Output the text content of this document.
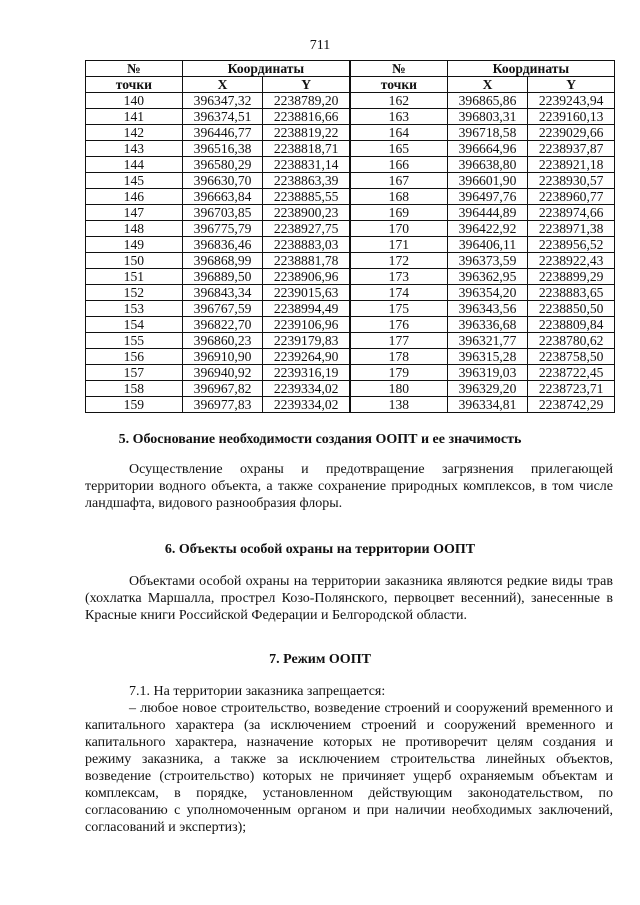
711
№	Координаты		№	Координаты	
точки	X	Y	точки	X	Y
140	396347,32	2238789,20	162	396865,86	2239243,94
141	396374,51	2238816,66	163	396803,31	2239160,13
142	396446,77	2238819,22	164	396718,58	2239029,66
143	396516,38	2238818,71	165	396664,96	2238937,87
144	396580,29	2238831,14	166	396638,80	2238921,18
145	396630,70	2238863,39	167	396601,90	2238930,57
146	396663,84	2238885,55	168	396497,76	2238960,77
147	396703,85	2238900,23	169	396444,89	2238974,66
148	396775,79	2238927,75	170	396422,92	2238971,38
149	396836,46	2238883,03	171	396406,11	2238956,52
150	396868,99	2238881,78	172	396373,59	2238922,43
151	396889,50	2238906,96	173	396362,95	2238899,29
152	396843,34	2239015,63	174	396354,20	2238883,65
153	396767,59	2238994,49	175	396343,56	2238850,50
154	396822,70	2239106,96	176	396336,68	2238809,84
155	396860,23	2239179,83	177	396321,77	2238780,62
156	396910,90	2239264,90	178	396315,28	2238758,50
157	396940,92	2239316,19	179	396319,03	2238722,45
158	396967,82	2239334,02	180	396329,20	2238723,71
159	396977,83	2239334,02	138	396334,81	2238742,29
5. Обоснование необходимости создания ООПТ и ее значимость
Осуществление охраны и предотвращение загрязнения прилегающей территории водного объекта, а также сохранение природных комплексов, в том числе ландшафта, видового разнообразия флоры.
6. Объекты особой охраны на территории ООПТ
Объектами особой охраны на территории заказника являются редкие виды трав (хохлатка Маршалла, прострел Козо-Полянского, первоцвет весенний), занесенные в Красные книги Российской Федерации и Белгородской области.
7. Режим ООПТ
7.1. На территории заказника запрещается:
– любое новое строительство, возведение строений и сооружений временного и капитального характера (за исключением строений и сооружений временного и капитального характера, назначение которых не противоречит целям создания и режиму заказника, а также за исключением строительства линейных объектов, возведение (строительство) которых не причиняет ущерб охраняемым объектам и комплексам, в порядке, установленном действующим законодательством, по согласованию с уполномоченным органом и при наличии необходимых заключений, согласований и экспертиз);
